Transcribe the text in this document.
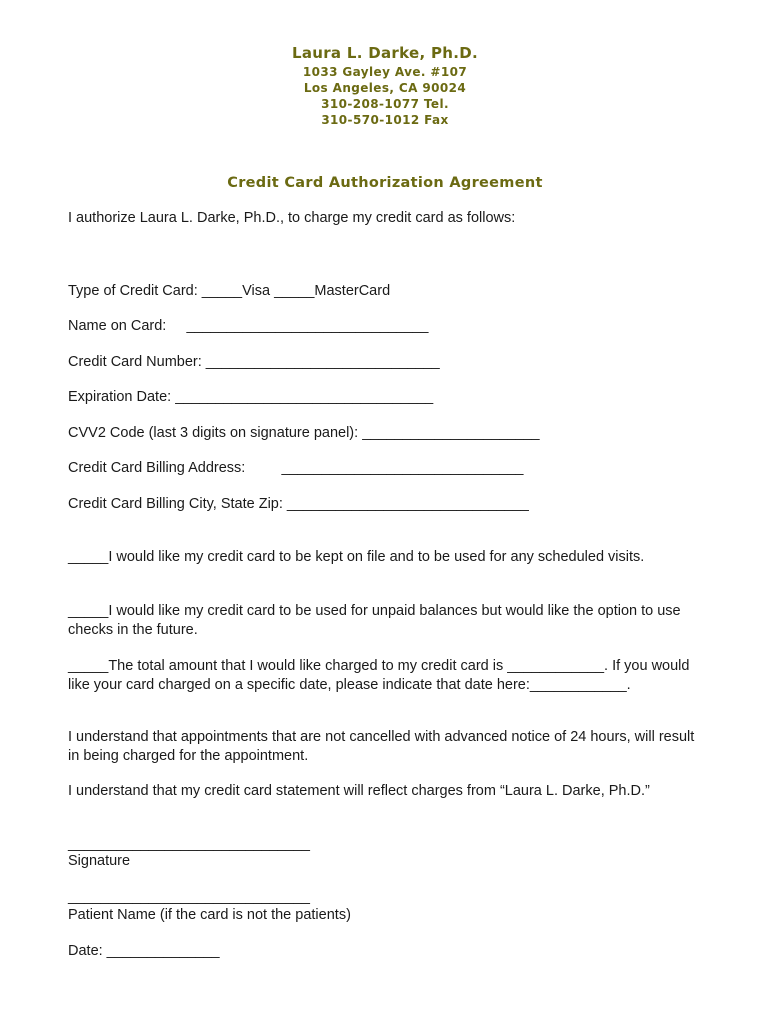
Laura L. Darke, Ph.D.
1033 Gayley Ave. #107
Los Angeles, CA 90024
310-208-1077 Tel.
310-570-1012 Fax
Credit Card Authorization Agreement
I authorize Laura L. Darke, Ph.D., to charge my credit card as follows:
Type of Credit Card: _____Visa _____MasterCard
Name on Card:     ______________________________
Credit Card Number: _____________________________
Expiration Date: ________________________________
CVV2 Code (last 3 digits on signature panel): ______________________
Credit Card Billing Address:         ______________________________
Credit Card Billing City, State Zip: ______________________________
_____I would like my credit card to be kept on file and to be used for any scheduled visits.
_____I would like my credit card to be used for unpaid balances but would like the option to use checks in the future.
_____The total amount that I would like charged to my credit card is ____________. If you would like your card charged on a specific date, please indicate that date here:____________.
I understand that appointments that are not cancelled with advanced notice of 24 hours, will result in being charged for the appointment.
I understand that my credit card statement will reflect charges from “Laura L. Darke, Ph.D.”
______________________________
Signature
______________________________
Patient Name (if the card is not the patients)
Date: ______________
